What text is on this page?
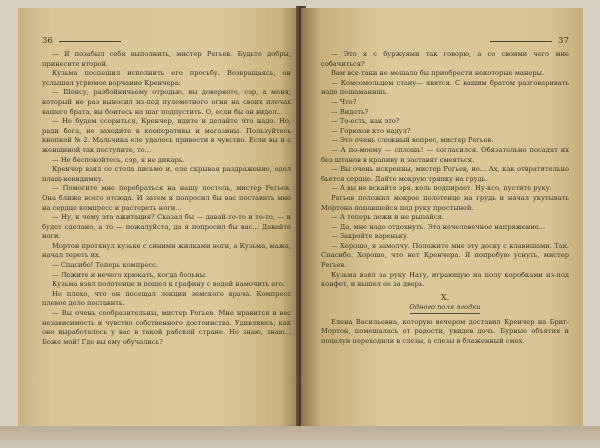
36

— Я позабыл себя выполнить, мистер Регьев. Будьте добры, принесите второй.

Кузьма поспешил исполнить его просьбу. Возвращаясь, он услышал угрюмое ворчание Кренчера:

— Шенсу, разбойничьему отродью, вы доверяете, сэр, а меня, который не раз выносил из-под пулеметного огня на своих плечах вашего брата, вы боитесь на шаг подпустить. О, если бы он видел...

— Не будем ссориться, Кренчер, идите и делайте что надо. Но, ради бога, не заходите в кооперативы и магазины. Пользуйтесь кнопкой № 2. Мальчика еле удалось привести в чувство. Если вы и с женщиной так поступите, то...

— Не беспокойтесь, сэр, я не дикарь.

Кренчер взял со стола письмо и, еле скрывая раздражение, одел плащ-невидимку.

— Помогите мне перебраться на нашу постель, мистер Регьев. Она ближе всего отсюда. И затем я попросил бы вас поставить мне на сердце компресс и растереть ноги...

— Ну, к чему эта ажитация? Сказал бы — давай-то-то и то-то, — и будет сделано, а то — пожалуйста, да я попросил бы вас... Давайте ноги.

Мортон протянул кузьке с синими жилками ноги, а Кузьма, мажа, начал тереть их.

— Спасибо! Теперь компресс.

— Лежите и нечего хрюкать, когда больны.

Кузьма взял полотенце и пошел к графину с водой намочить его.

Не плохо, что он посещал лекции земского врача. Компресс плевое дело поставить.

— Вы очень сообразительны, мистер Регьев. Мне нравится в вас независимость и чувство собственного достоинства. Удивляюсь, как оно выработалось у вас в такой рабской стране. Но знаю, знаю... Боже мой! Где вы ему обучались?

37

— Это я с буржуями так говорю, а со своими чего мне собачиться?

Вам все-таки не мешало бы приобрести некоторые манеры.

— Комсомольцем стану— явятся. С вашим братом разговаривать надо пошаманишь.

— Что?

— Видеть?

— То-есть, как это?

— Горюхов кто надул?

— Это очень сложный вопрос, мистер Регьев.

— А по-моему — сплошь! — согласился. Обязательно посадят их без штанов в крапиву и заставят смеяться.

— Вы очень искренны, мистер Регьев, но... Ах, как отвратительно бьется сердце. Дайте мокрую тряпку на грудь.

— А вы не вскайте зря, коль подпирает. Ну-ксо, пустите руку.

Регьев положил мокрое полотенце на грудь и начал укутывать Мортона попавшейся под руку простыней.

— А теперь лежи и не рыпайся.

— Да, мне надо отдохнуть. Это нечеловечное напряжение...

— Закройте вареньку.

— Хорошо, я замолчу. Положите мне эту доску с клавишами. Так. Спасибо. Хорошо, что нет Кренчера. Я попробую уснуть, мистер Регьев.

Кузьма взял за руку Нату, играющую на полу коробками из-под конфет, и вышел ее за дверь.

X.
Одного поля ягодки

Елена Васильевна, которую вечером доставил Кренчер на Бриг-Мортон, помешалась от радости, увидев дочь. Бурные объятия и поцелуи переходили в слезы, а слезы в блаженный смех.
